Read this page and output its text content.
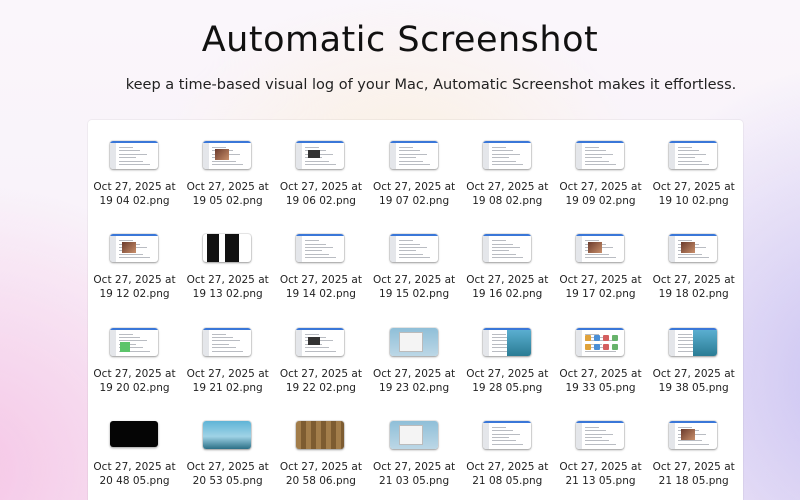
Automatic Screenshot
keep a time-based visual log of your Mac, Automatic Screenshot makes it effortless.
Oct 27, 2025 at
19 04 02.png
Oct 27, 2025 at
19 05 02.png
Oct 27, 2025 at
19 06 02.png
Oct 27, 2025 at
19 07 02.png
Oct 27, 2025 at
19 08 02.png
Oct 27, 2025 at
19 09 02.png
Oct 27, 2025 at
19 10 02.png
Oct 27, 2025 at
19 12 02.png
Oct 27, 2025 at
19 13 02.png
Oct 27, 2025 at
19 14 02.png
Oct 27, 2025 at
19 15 02.png
Oct 27, 2025 at
19 16 02.png
Oct 27, 2025 at
19 17 02.png
Oct 27, 2025 at
19 18 02.png
Oct 27, 2025 at
19 20 02.png
Oct 27, 2025 at
19 21 02.png
Oct 27, 2025 at
19 22 02.png
Oct 27, 2025 at
19 23 02.png
Oct 27, 2025 at
19 28 05.png
Oct 27, 2025 at
19 33 05.png
Oct 27, 2025 at
19 38 05.png
Oct 27, 2025 at
20 48 05.png
Oct 27, 2025 at
20 53 05.png
Oct 27, 2025 at
20 58 06.png
Oct 27, 2025 at
21 03 05.png
Oct 27, 2025 at
21 08 05.png
Oct 27, 2025 at
21 13 05.png
Oct 27, 2025 at
21 18 05.png
